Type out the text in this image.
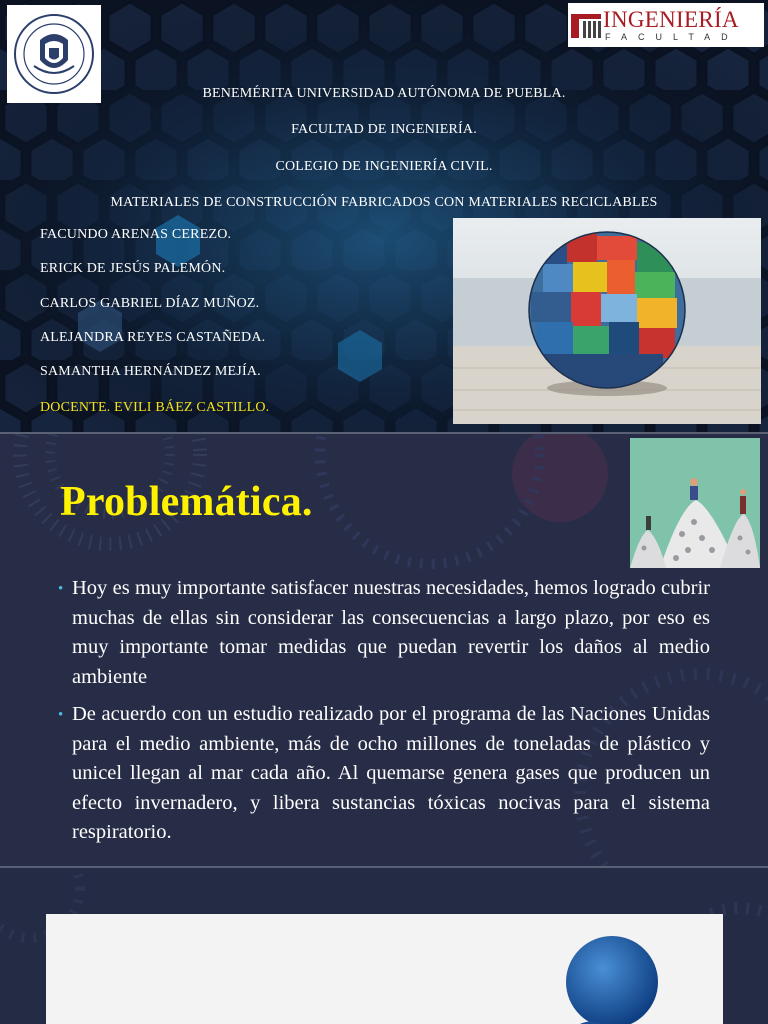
INGENIERÍA
FACULTAD
BENEMÉRITA UNIVERSIDAD AUTÓNOMA DE PUEBLA.
FACULTAD DE INGENIERÍA.
COLEGIO DE INGENIERÍA CIVIL.
MATERIALES DE CONSTRUCCIÓN FABRICADOS CON MATERIALES RECICLABLES
FACUNDO ARENAS CEREZO.
ERICK DE JESÚS PALEMÓN.
CARLOS GABRIEL DÍAZ MUÑOZ.
ALEJANDRA REYES CASTAÑEDA.
SAMANTHA HERNÁNDEZ MEJÍA.
DOCENTE. EVILI BÁEZ CASTILLO.
Problemática.
• Hoy es muy importante satisfacer nuestras necesidades, hemos logrado cubrir muchas de ellas sin considerar las consecuencias a largo plazo, por eso es muy importante tomar medidas que puedan revertir los daños al medio ambiente
• De acuerdo con un estudio realizado por el programa de las Naciones Unidas para el medio ambiente, más de ocho millones de toneladas de plástico y unicel llegan al mar cada año. Al quemarse genera gases que producen un efecto invernadero, y libera sustancias tóxicas nocivas para el sistema respiratorio.
